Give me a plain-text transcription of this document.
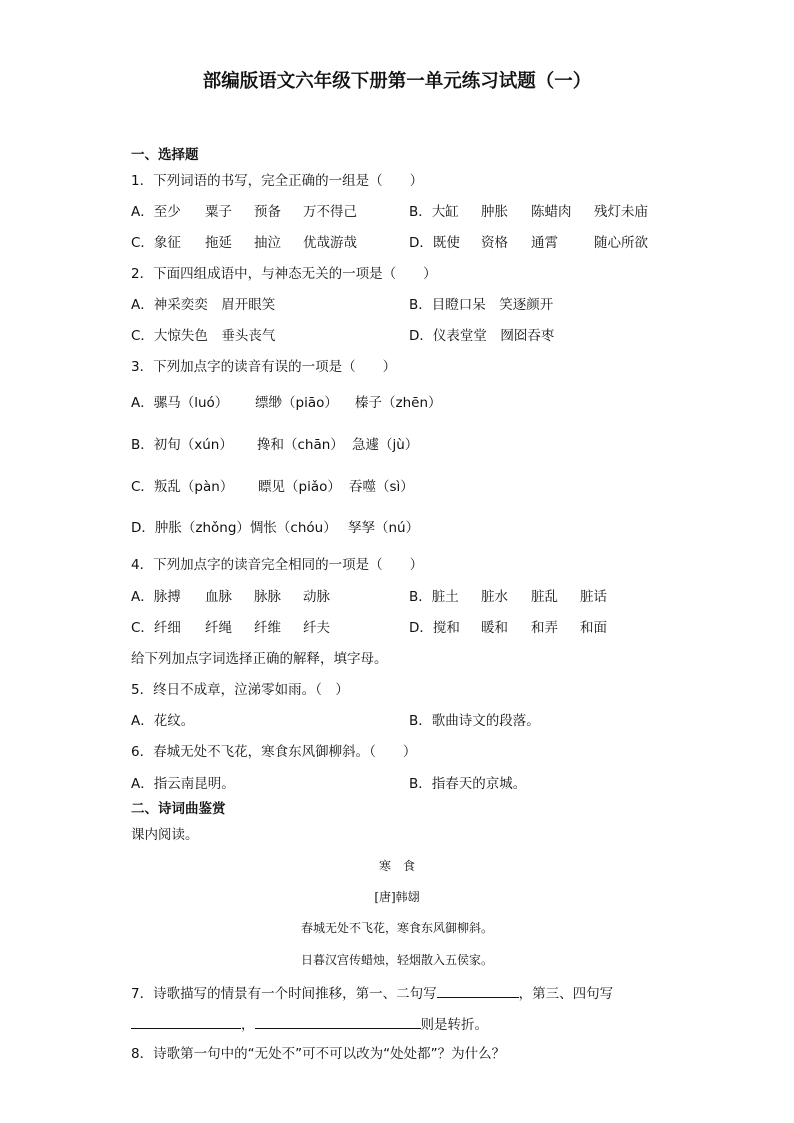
部编版语文六年级下册第一单元练习试题（一）
一、选择题
1．下列词语的书写，完全正确的一组是（　　）
A．至少 粟子 预备 万不得己	B．大缸 肿胀 陈蜡肉 残灯未庙
C．象征 拖延 抽泣 优哉游哉	D．既使 资格 通霄	随心所欲
2．下面四组成语中，与神态无关的一项是（　　）
A．神采奕奕　眉开眼笑	B．目瞪口呆　笑逐颜开
C．大惊失色　垂头丧气	D．仪表堂堂　囫囵吞枣
3．下列加点字的读音有误的一项是（　　）
A．骡马（luó） 缥缈（piāo） 榛子（zhēn）
B．初旬（xún） 搀和（chān） 急遽（jù）
C．叛乱（pàn） 瞟见（piǎo） 吞噬（sì）
D．肿胀（zhǒng）惆怅（chóu） 孥孥（nú）
4．下列加点字的读音完全相同的一项是（　　）
A．脉搏 血脉 脉脉 动脉	B．脏土 脏水 脏乱 脏话
C．纤细 纤绳 纤维 纤夫	D．搅和 暖和 和弄 和面
给下列加点字词选择正确的解释，填字母。
5．终日不成章，泣涕零如雨。（　）
A．花纹。	B．歌曲诗文的段落。
6．春城无处不飞花，寒食东风御柳斜。（　　）
A．指云南昆明。	B．指春天的京城。
二、诗词曲鉴赏
课内阅读。
寒　食
[唐]韩翃
春城无处不飞花，寒食东风御柳斜。
日暮汉宫传蜡烛，轻烟散入五侯家。
7．诗歌描写的情景有一个时间推移，第一、二句写	，第三、四句写
，	则是转折。
8．诗歌第一句中的“无处不”可不可以改为“处处都”？为什么？
